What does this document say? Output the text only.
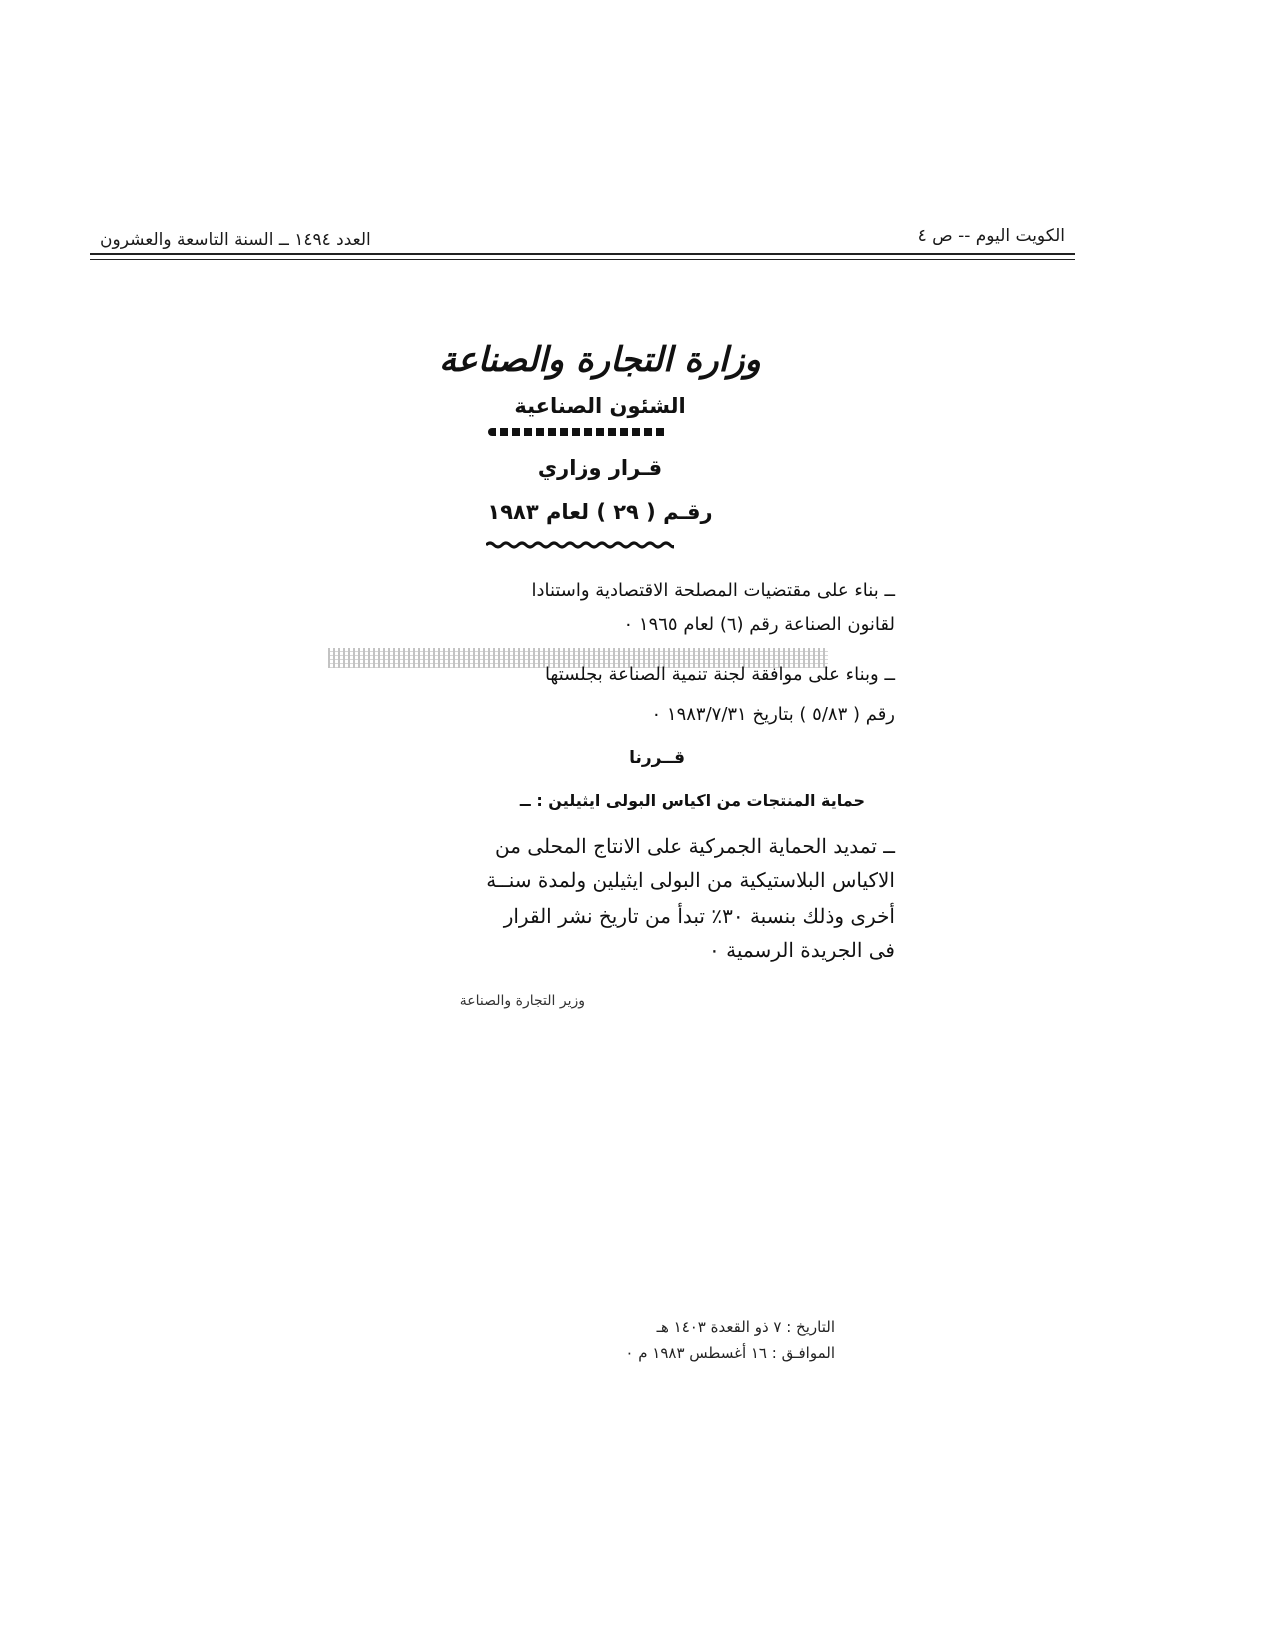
الكويت اليوم -- ص ٤
العدد ١٤٩٤ ــ السنة التاسعة والعشرون
وزارة التجارة والصناعة
الشئون الصناعية
قـرار وزاري
رقـم ( ٢٩ ) لعام ١٩٨٣
ــ بناء على مقتضيات المصلحة الاقتصادية واستنادا
لقانون الصناعة رقم (٦) لعام ١٩٦٥ ٠
ــ وبناء على موافقة لجنة تنمية الصناعة بجلستها
رقم ( ٥/٨٣ ) بتاريخ ١٩٨٣/٧/٣١ ٠
قــررنا
حماية المنتجات من اكياس البولى ايثيلين : ــ
ــ تمديد الحماية الجمركية على الانتاج المحلى من
الاكياس البلاستيكية من البولى ايثيلين ولمدة سنــة
أخرى وذلك بنسبة ٣٠٪ تبدأ من تاريخ نشر القرار
فى الجريدة الرسمية ٠
وزير التجارة والصناعة
التاريخ : ٧ ذو القعدة ١٤٠٣ هـ
الموافـق : ١٦ أغسطس ١٩٨٣ م ٠
